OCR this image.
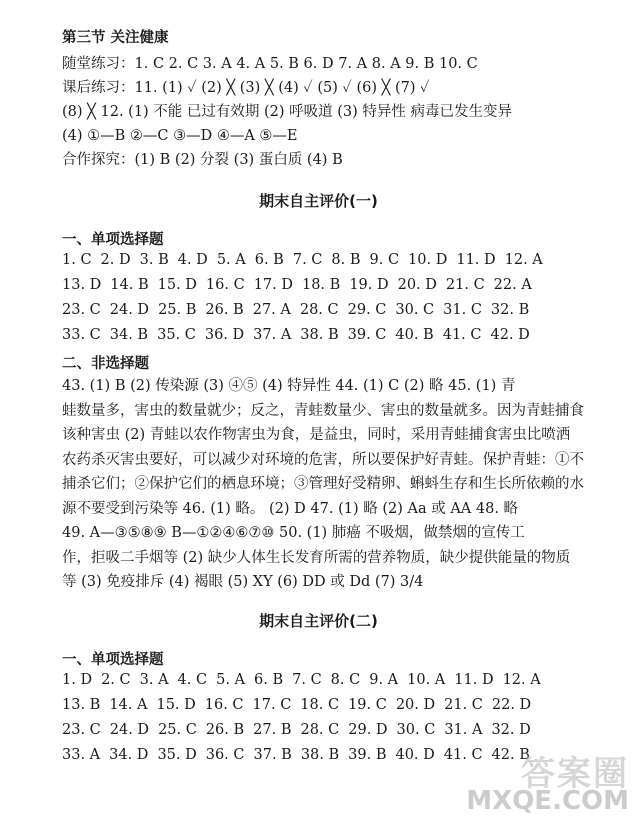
第三节 关注健康
随堂练习：1. C 2. C 3. A 4. A 5. B 6. D 7. A 8. A 9. B 10. C
课后练习：11. (1) ✓ (2) ╳ (3) ╳ (4) ✓ (5) ✓ (6) ╳ (7) ✓
(8) ╳ 12. (1) 不能 已过有效期 (2) 呼吸道 (3) 特异性 病毒已发生变异
(4) ①—B ②—C ③—D ④—A ⑤—E
合作探究：(1) B (2) 分裂 (3) 蛋白质 (4) B
期末自主评价(一)
一、单项选择题
1. C 2. D 3. B 4. D 5. A 6. B 7. C 8. B 9. C 10. D 11. D 12. A
13. D 14. B 15. D 16. C 17. D 18. B 19. D 20. D 21. C 22. A
23. C 24. D 25. B 26. B 27. A 28. C 29. C 30. C 31. C 32. B
33. C 34. B 35. C 36. D 37. A 38. B 39. C 40. B 41. C 42. D
二、非选择题
43. (1) B (2) 传染源 (3) ④⑤ (4) 特异性 44. (1) C (2) 略 45. (1) 青
蛙数量多，害虫的数量就少；反之，青蛙数量少、害虫的数量就多。因为青蛙捕食
该种害虫 (2) 青蛙以农作物害虫为食，是益虫，同时，采用青蛙捕食害虫比喷洒
农药杀灭害虫要好，可以减少对环境的危害，所以要保护好青蛙。保护青蛙：①不
捕杀它们；②保护它们的栖息环境；③管理好受精卵、蝌蚪生存和生长所依赖的水
源不要受到污染等 46. (1) 略。 (2) D 47. (1) 略 (2) Aa 或 AA 48. 略
49. A—③⑤⑧⑨ B—①②④⑥⑦⑩ 50. (1) 肺癌 不吸烟，做禁烟的宣传工
作，拒吸二手烟等 (2) 缺少人体生长发育所需的营养物质，缺少提供能量的物质
等 (3) 免疫排斥 (4) 褐眼 (5) XY (6) DD 或 Dd (7) 3/4
期末自主评价(二)
一、单项选择题
1. D 2. C 3. A 4. C 5. A 6. B 7. C 8. C 9. A 10. A 11. D 12. A
13. B 14. A 15. D 16. C 17. C 18. C 19. C 20. D 21. C 22. D
23. C 24. D 25. C 26. B 27. B 28. C 29. D 30. C 31. A 32. D
33. A 34. D 35. D 36. C 37. B 38. B 39. B 40. D 41. C 42. B
答案圈
MXQE.COM
